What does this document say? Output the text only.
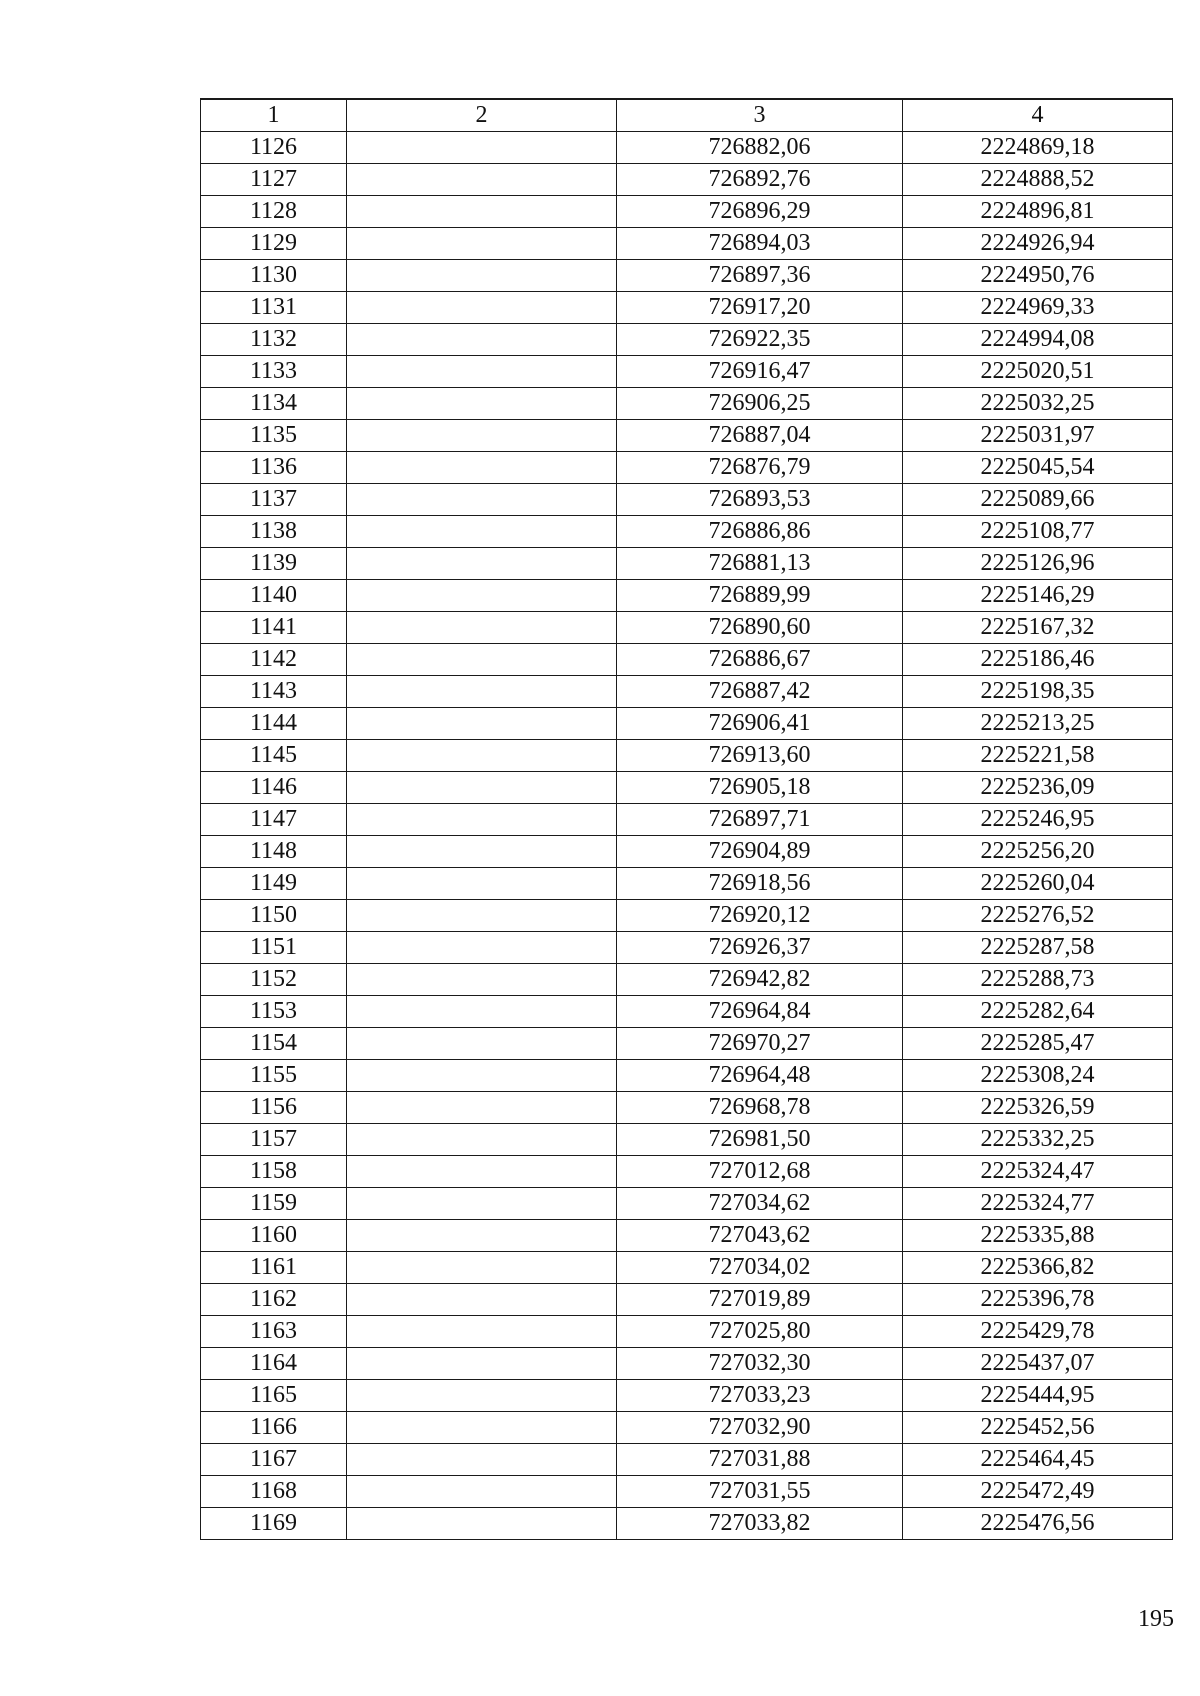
1	2	3	4
1126		726882,06	2224869,18
1127		726892,76	2224888,52
1128		726896,29	2224896,81
1129		726894,03	2224926,94
1130		726897,36	2224950,76
1131		726917,20	2224969,33
1132		726922,35	2224994,08
1133		726916,47	2225020,51
1134		726906,25	2225032,25
1135		726887,04	2225031,97
1136		726876,79	2225045,54
1137		726893,53	2225089,66
1138		726886,86	2225108,77
1139		726881,13	2225126,96
1140		726889,99	2225146,29
1141		726890,60	2225167,32
1142		726886,67	2225186,46
1143		726887,42	2225198,35
1144		726906,41	2225213,25
1145		726913,60	2225221,58
1146		726905,18	2225236,09
1147		726897,71	2225246,95
1148		726904,89	2225256,20
1149		726918,56	2225260,04
1150		726920,12	2225276,52
1151		726926,37	2225287,58
1152		726942,82	2225288,73
1153		726964,84	2225282,64
1154		726970,27	2225285,47
1155		726964,48	2225308,24
1156		726968,78	2225326,59
1157		726981,50	2225332,25
1158		727012,68	2225324,47
1159		727034,62	2225324,77
1160		727043,62	2225335,88
1161		727034,02	2225366,82
1162		727019,89	2225396,78
1163		727025,80	2225429,78
1164		727032,30	2225437,07
1165		727033,23	2225444,95
1166		727032,90	2225452,56
1167		727031,88	2225464,45
1168		727031,55	2225472,49
1169		727033,82	2225476,56
195
